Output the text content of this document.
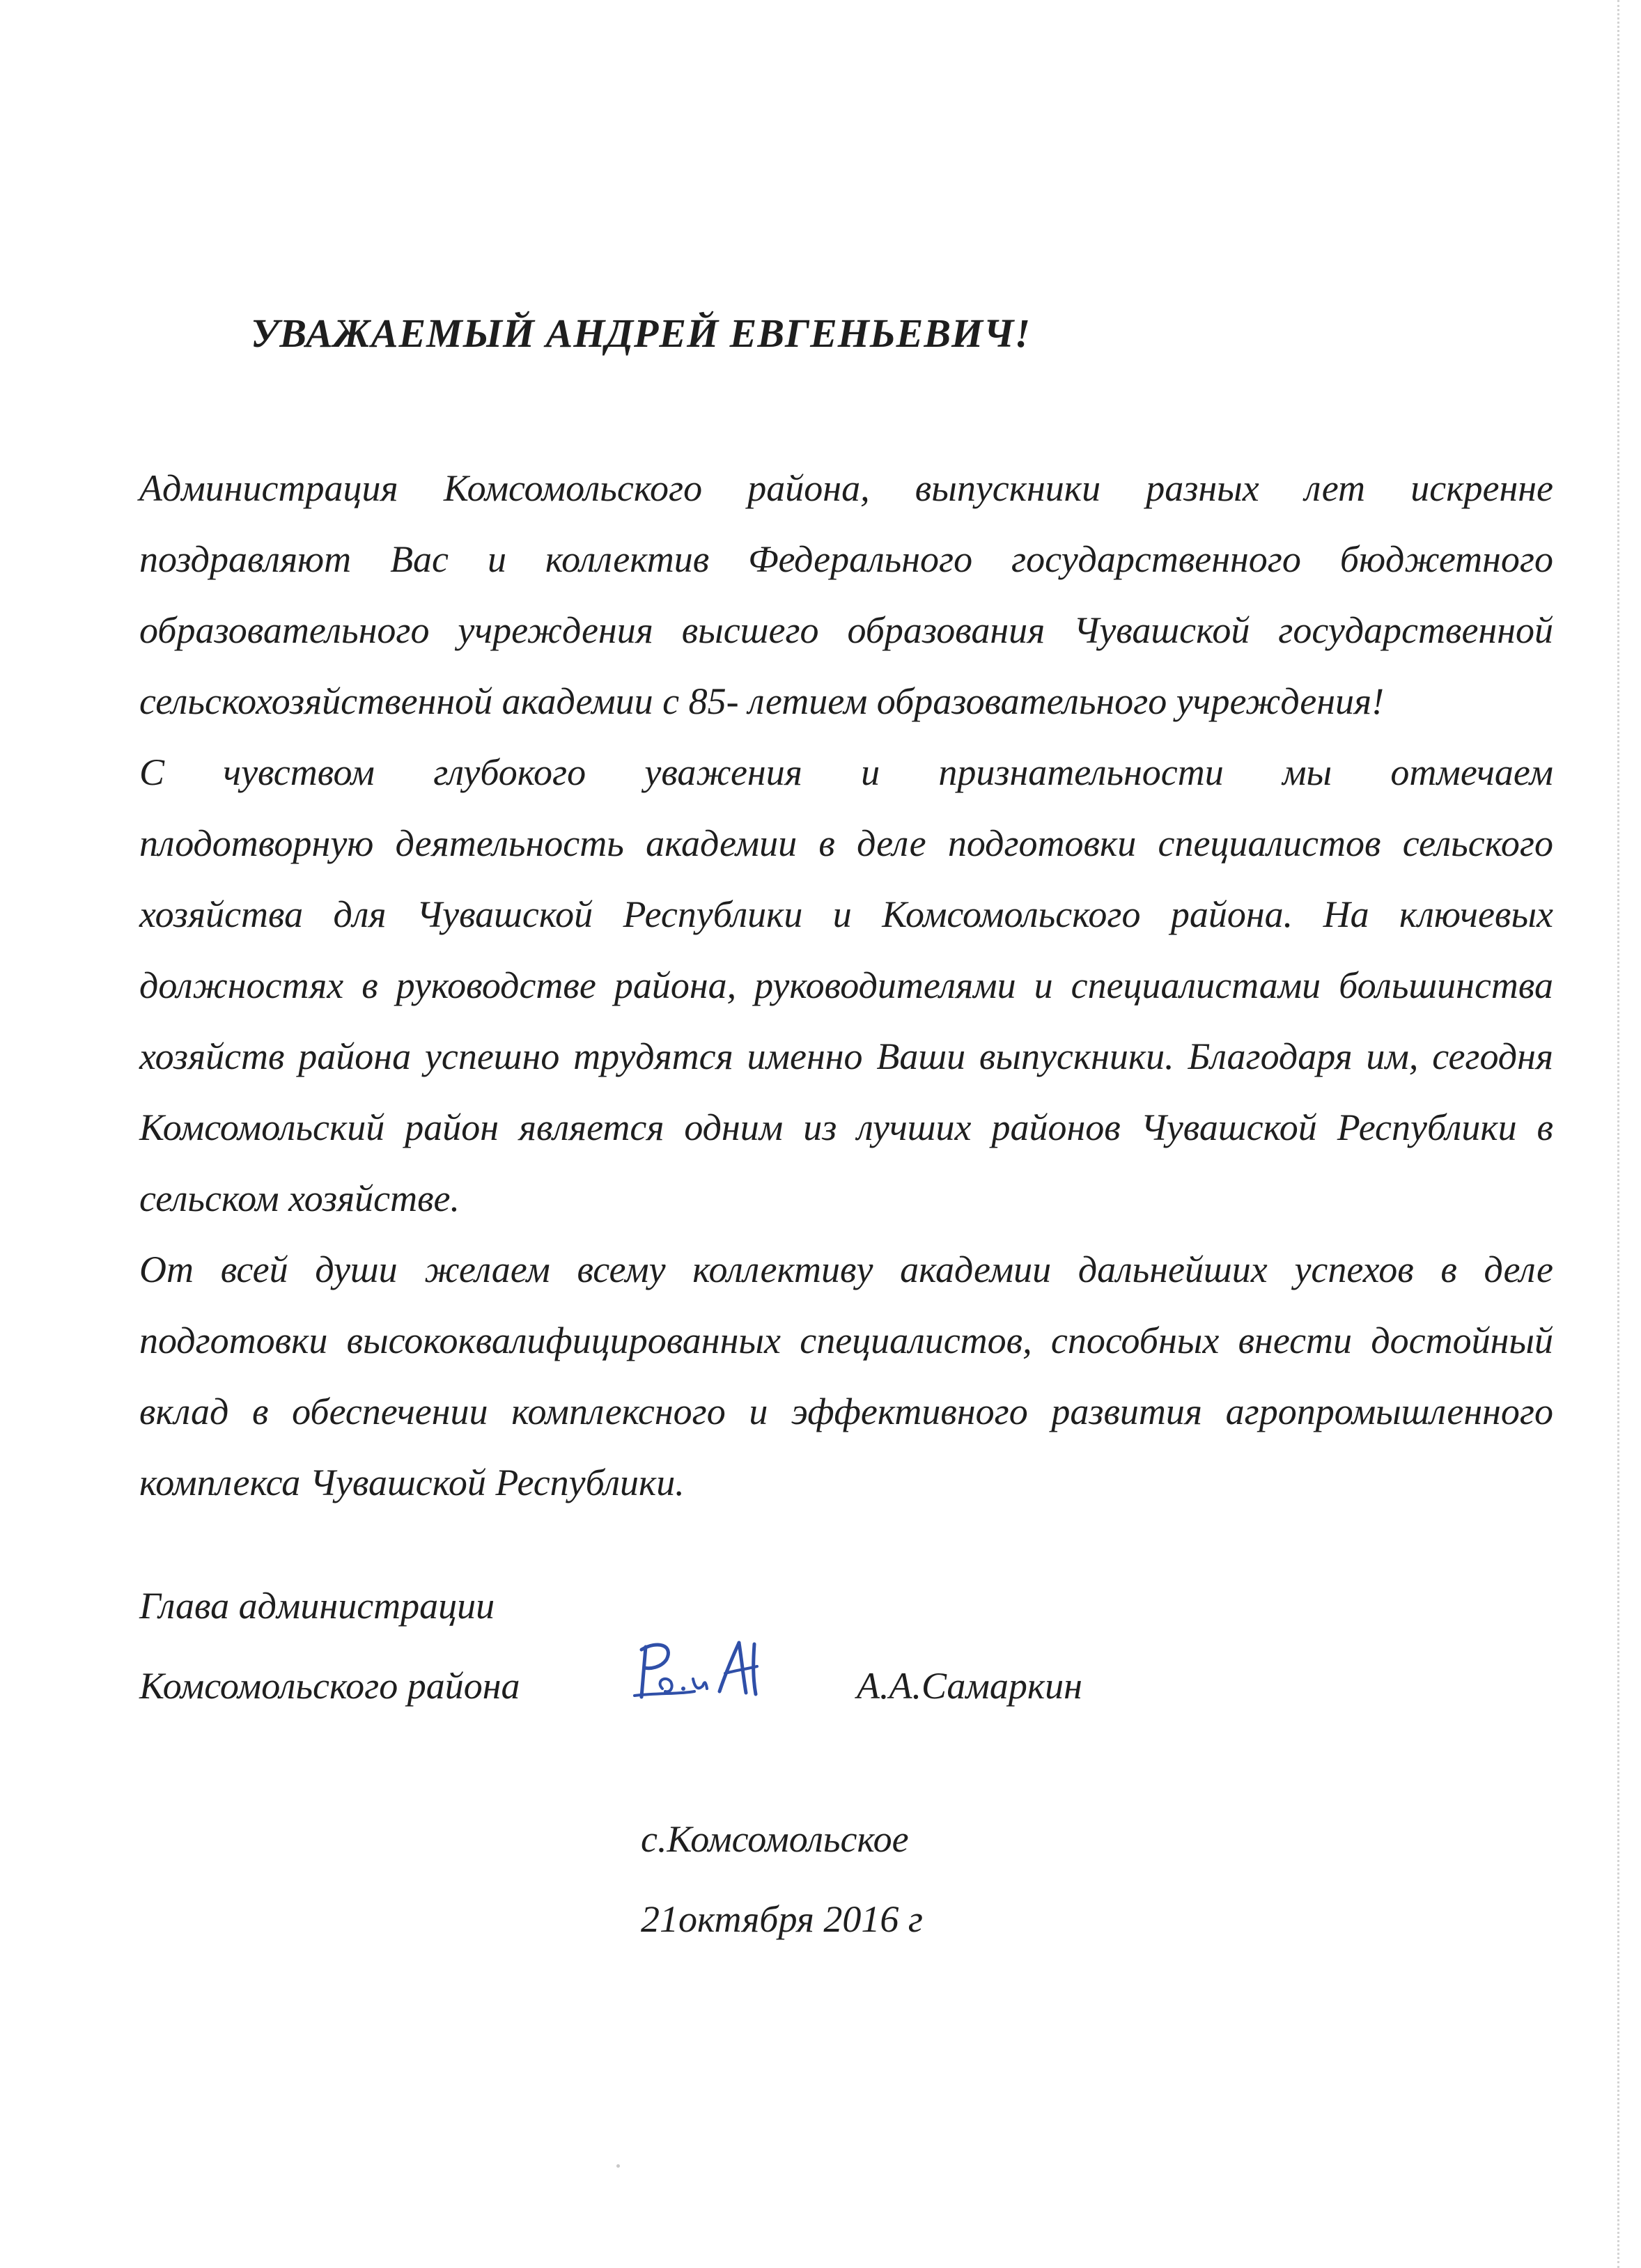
УВАЖАЕМЫЙ АНДРЕЙ ЕВГЕНЬЕВИЧ!
Администрация Комсомольского района, выпускники разных лет искренне
поздравляют Вас и коллектив Федерального государственного бюджетного
образовательного учреждения высшего образования Чувашской государственной
сельскохозяйственной академии с 85- летием образовательного учреждения!
С чувством глубокого уважения и признательности мы отмечаем
плодотворную деятельность академии в деле подготовки специалистов сельского
хозяйства для Чувашской Республики и Комсомольского района. На ключевых
должностях в руководстве района, руководителями и специалистами большинства
хозяйств района успешно трудятся именно Ваши выпускники. Благодаря им, сегодня
Комсомольский район является одним из лучших районов Чувашской Республики в
сельском хозяйстве.
От всей души желаем всему коллективу академии дальнейших успехов в деле
подготовки высококвалифицированных специалистов, способных внести достойный
вклад в обеспечении комплексного и эффективного развития агропромышленного
комплекса Чувашской Республики.
Глава администрации
Комсомольского района	А.А.Самаркин
с.Комсомольское
21октября 2016 г
